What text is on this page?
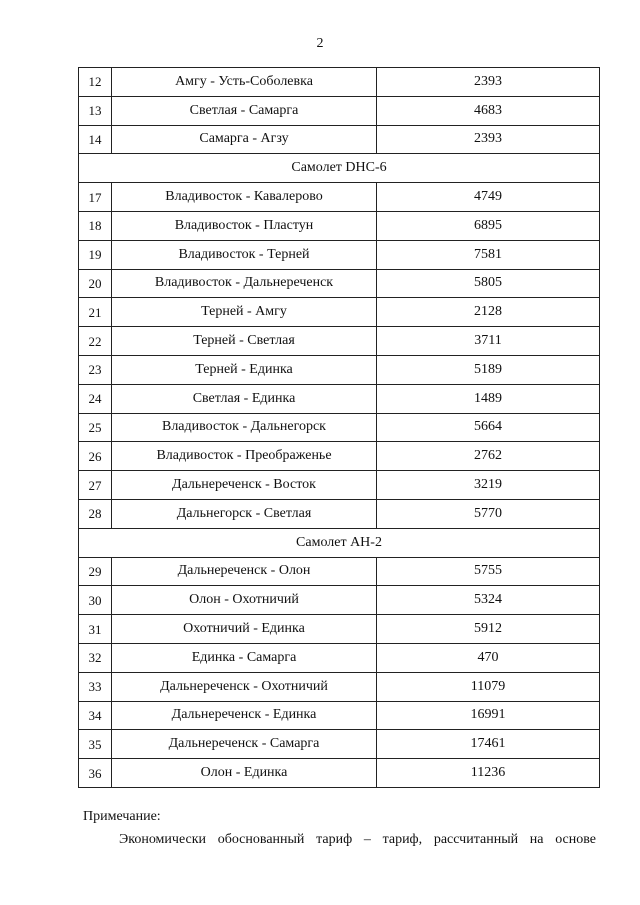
2
12	Амгу - Усть-Соболевка	2393
13	Светлая - Самарга	4683
14	Самарга - Агзу	2393
Самолет DHC-6		
17	Владивосток - Кавалерово	4749
18	Владивосток - Пластун	6895
19	Владивосток - Терней	7581
20	Владивосток - Дальнереченск	5805
21	Терней - Амгу	2128
22	Терней - Светлая	3711
23	Терней - Единка	5189
24	Светлая - Единка	1489
25	Владивосток - Дальнегорск	5664
26	Владивосток - Преображенье	2762
27	Дальнереченск - Восток	3219
28	Дальнегорск - Светлая	5770
Самолет АН-2		
29	Дальнереченск - Олон	5755
30	Олон - Охотничий	5324
31	Охотничий - Единка	5912
32	Единка - Самарга	470
33	Дальнереченск - Охотничий	11079
34	Дальнереченск - Единка	16991
35	Дальнереченск - Самарга	17461
36	Олон - Единка	11236
Примечание:
Экономически обоснованный тариф – тариф, рассчитанный на основе
